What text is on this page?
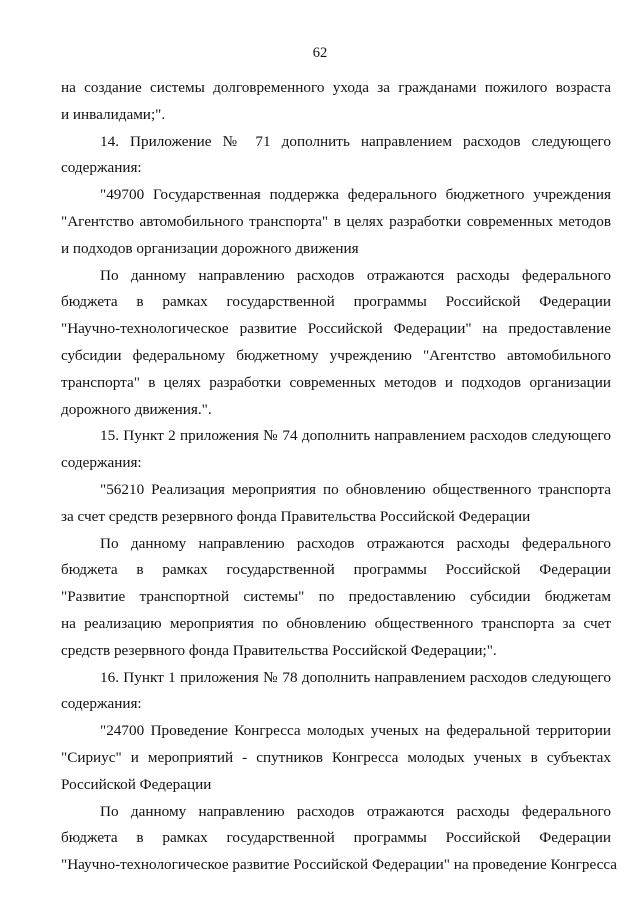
62
на создание системы долговременного ухода за гражданами пожилого возраста
и инвалидами;".
14. Приложение № 71 дополнить направлением расходов следующего
содержания:
"49700 Государственная поддержка федерального бюджетного учреждения
"Агентство автомобильного транспорта" в целях разработки современных методов
и подходов организации дорожного движения
По данному направлению расходов отражаются расходы федерального
бюджета в рамках государственной программы Российской Федерации
"Научно-технологическое развитие Российской Федерации" на предоставление
субсидии федеральному бюджетному учреждению "Агентство автомобильного
транспорта" в целях разработки современных методов и подходов организации
дорожного движения.".
15. Пункт 2 приложения № 74 дополнить направлением расходов следующего
содержания:
"56210 Реализация мероприятия по обновлению общественного транспорта
за счет средств резервного фонда Правительства Российской Федерации
По данному направлению расходов отражаются расходы федерального
бюджета в рамках государственной программы Российской Федерации
"Развитие транспортной системы" по предоставлению субсидии бюджетам
на реализацию мероприятия по обновлению общественного транспорта за счет
средств резервного фонда Правительства Российской Федерации;".
16. Пункт 1 приложения № 78 дополнить направлением расходов следующего
содержания:
"24700 Проведение Конгресса молодых ученых на федеральной территории
"Сириус" и мероприятий - спутников Конгресса молодых ученых в субъектах
Российской Федерации
По данному направлению расходов отражаются расходы федерального
бюджета в рамках государственной программы Российской Федерации
"Научно-технологическое развитие Российской Федерации" на проведение Конгресса
